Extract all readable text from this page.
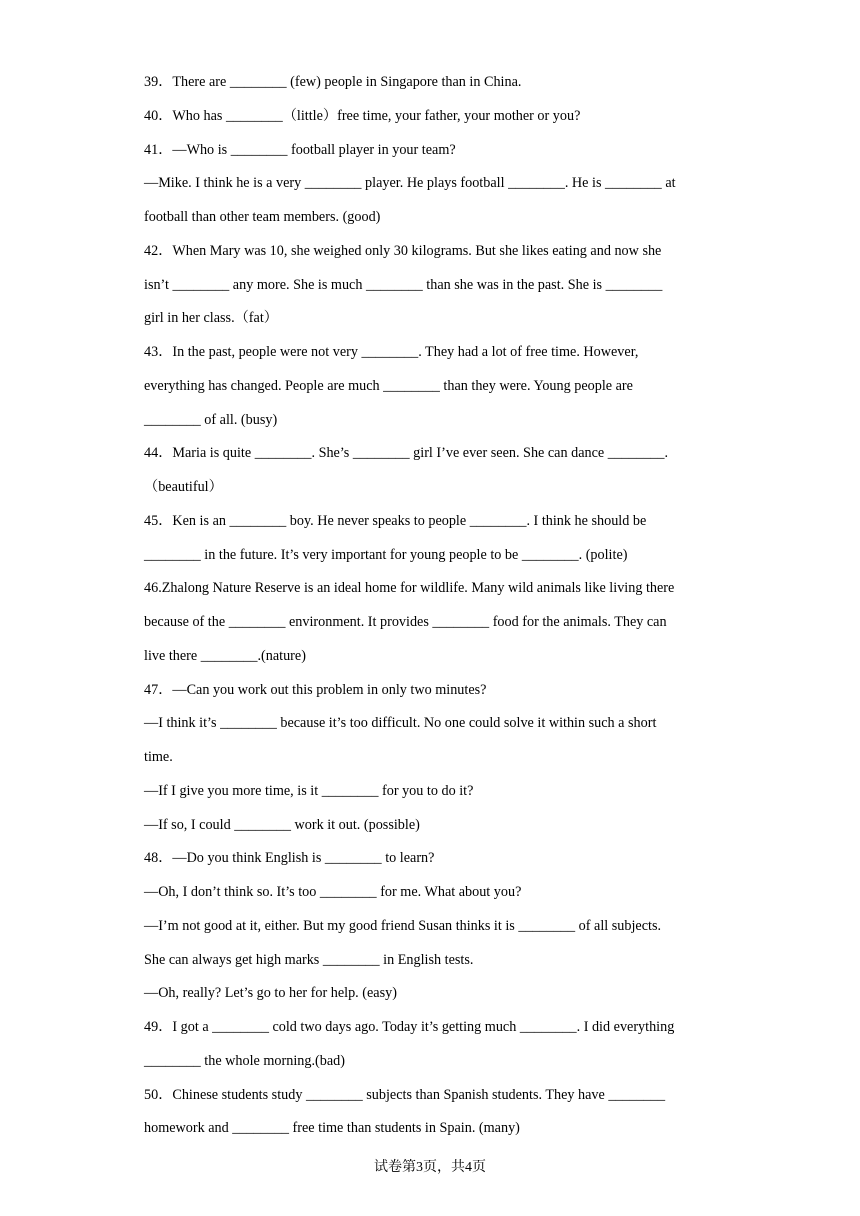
39．There are ________ (few) people in Singapore than in China.
40．Who has ________（little）free time, your father, your mother or you?
41．—Who is ________ football player in your team?
—Mike. I think he is a very ________ player. He plays football ________. He is ________ at
football than other team members. (good)
42．When Mary was 10, she weighed only 30 kilograms. But she likes eating and now she
isn’t ________ any more. She is much ________ than she was in the past. She is ________
girl in her class.（fat）
43．In the past, people were not very ________. They had a lot of free time. However,
everything has changed. People are much ________ than they were. Young people are
________ of all. (busy)
44．Maria is quite ________. She’s ________ girl I’ve ever seen. She can dance ________.
（beautiful）
45．Ken is an ________ boy. He never speaks to people ________. I think he should be
________ in the future. It’s very important for young people to be ________. (polite)
46.Zhalong Nature Reserve is an ideal home for wildlife. Many wild animals like living there
because of the ________ environment. It provides ________ food for the animals. They can
live there ________.(nature)
47．—Can you work out this problem in only two minutes?
—I think it’s ________ because it’s too difficult. No one could solve it within such a short
time.
—If I give you more time, is it ________ for you to do it?
—If so, I could ________ work it out. (possible)
48．—Do you think English is ________ to learn?
—Oh, I don’t think so. It’s too ________ for me. What about you?
—I’m not good at it, either. But my good friend Susan thinks it is ________ of all subjects.
She can always get high marks ________ in English tests.
—Oh, really? Let’s go to her for help. (easy)
49．I got a ________ cold two days ago. Today it’s getting much ________. I did everything
________ the whole morning.(bad)
50．Chinese students study ________ subjects than Spanish students. They have ________
homework and ________ free time than students in Spain. (many)
试卷第3页，共4页
